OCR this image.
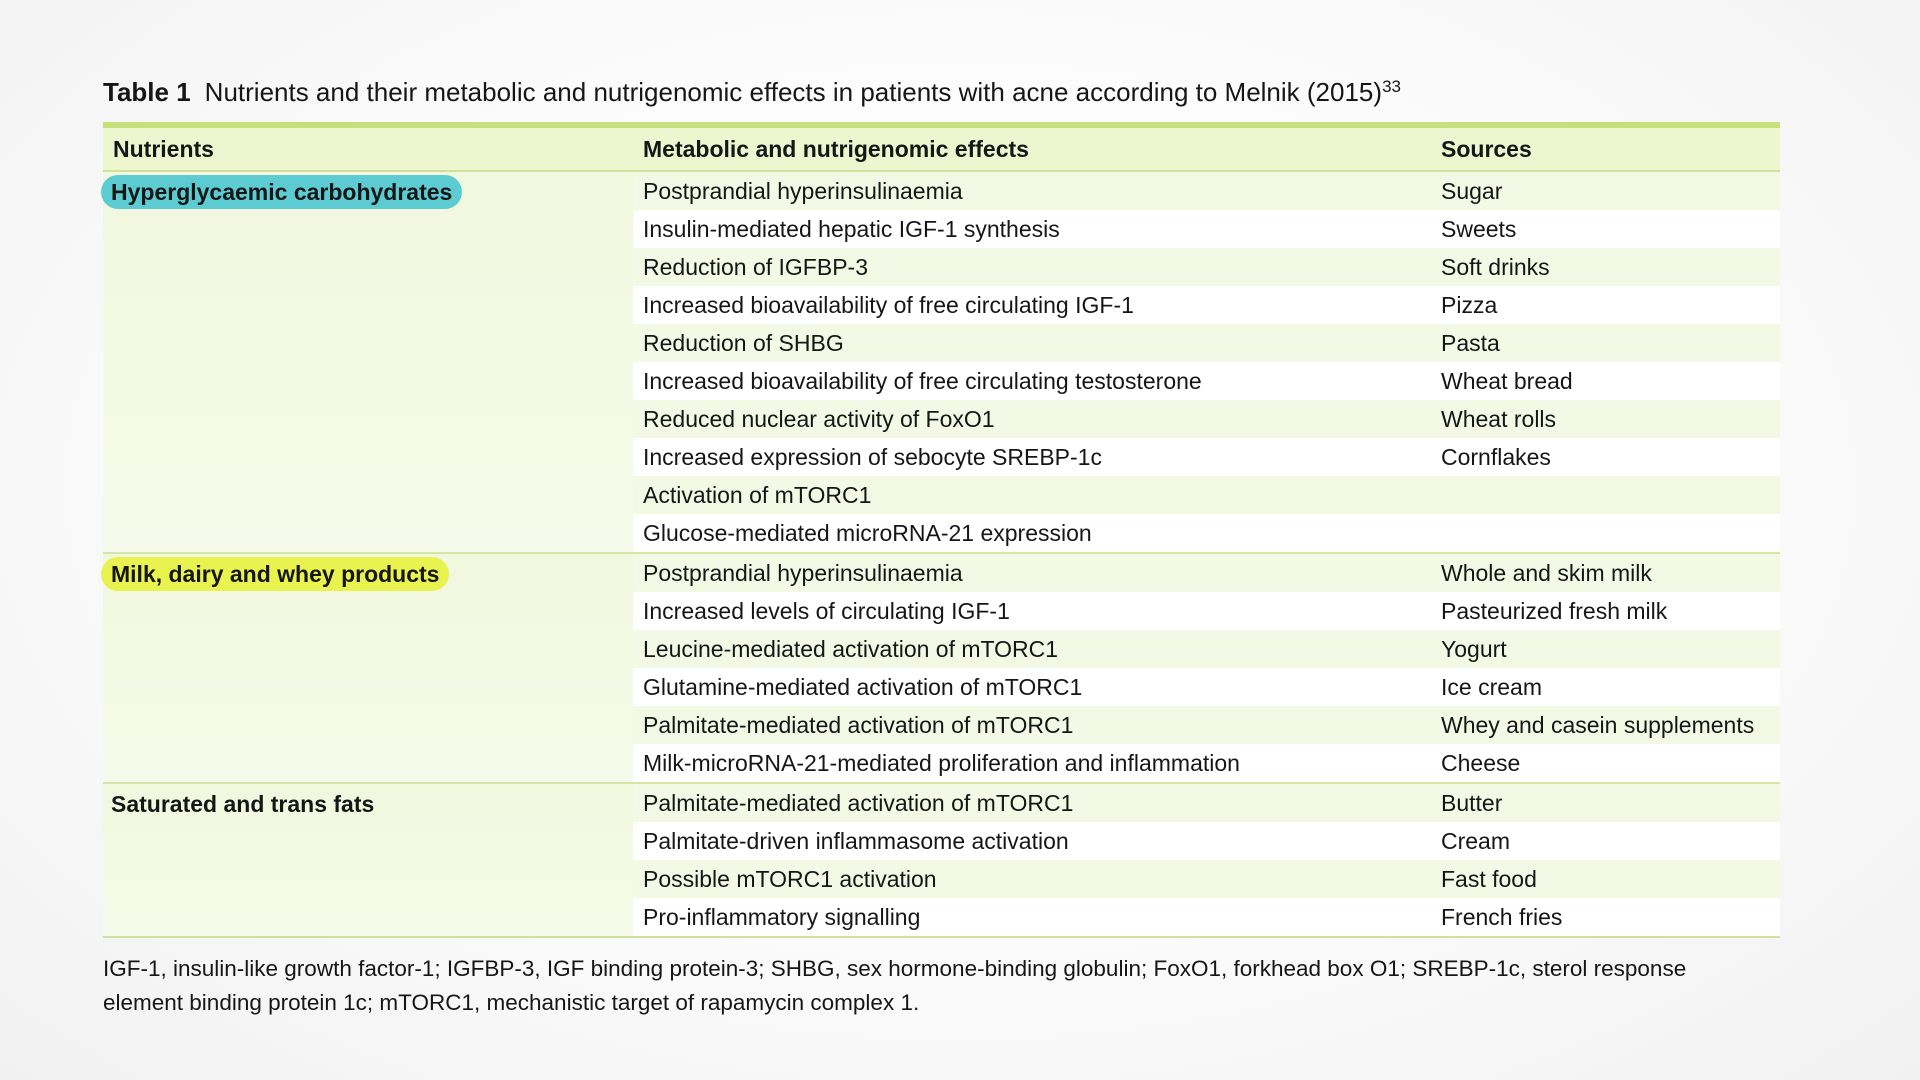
Table 1 Nutrients and their metabolic and nutrigenomic effects in patients with acne according to Melnik $(2015)^{33}$
Nutrients	Metabolic and nutrigenomic effects	Sources
Hyperglycaemic carbohydrates	Postprandial hyperinsulinaemia	Sugar
	Insulin-mediated hepatic IGF-1 synthesis	Sweets
	Reduction of IGFBP-3	Soft drinks
	Increased bioavailability of free circulating IGF-1	Pizza
	Reduction of SHBG	Pasta
	Increased bioavailability of free circulating testosterone	Wheat bread
	Reduced nuclear activity of FoxO1	Wheat rolls
	Increased expression of sebocyte SREBP-1c	Cornflakes
	Activation of mTORC1	
	Glucose-mediated microRNA-21 expression	
Milk, dairy and whey products	Postprandial hyperinsulinaemia	Whole and skim milk
	Increased levels of circulating IGF-1	Pasteurized fresh milk
	Leucine-mediated activation of mTORC1	Yogurt
	Glutamine-mediated activation of mTORC1	Ice cream
	Palmitate-mediated activation of mTORC1	Whey and casein supplements
	Milk-microRNA-21-mediated proliferation and inflammation	Cheese
Saturated and trans fats	Palmitate-mediated activation of mTORC1	Butter
	Palmitate-driven inflammasome activation	Cream
	Possible mTORC1 activation	Fast food
	Pro-inflammatory signalling	French fries
IGF-1, insulin-like growth factor-1; IGFBP-3, IGF binding protein-3; SHBG, sex hormone-binding globulin; FoxO1, forkhead box O1; SREBP-1c, sterol response element binding protein 1c; mTORC1, mechanistic target of rapamycin complex 1.
